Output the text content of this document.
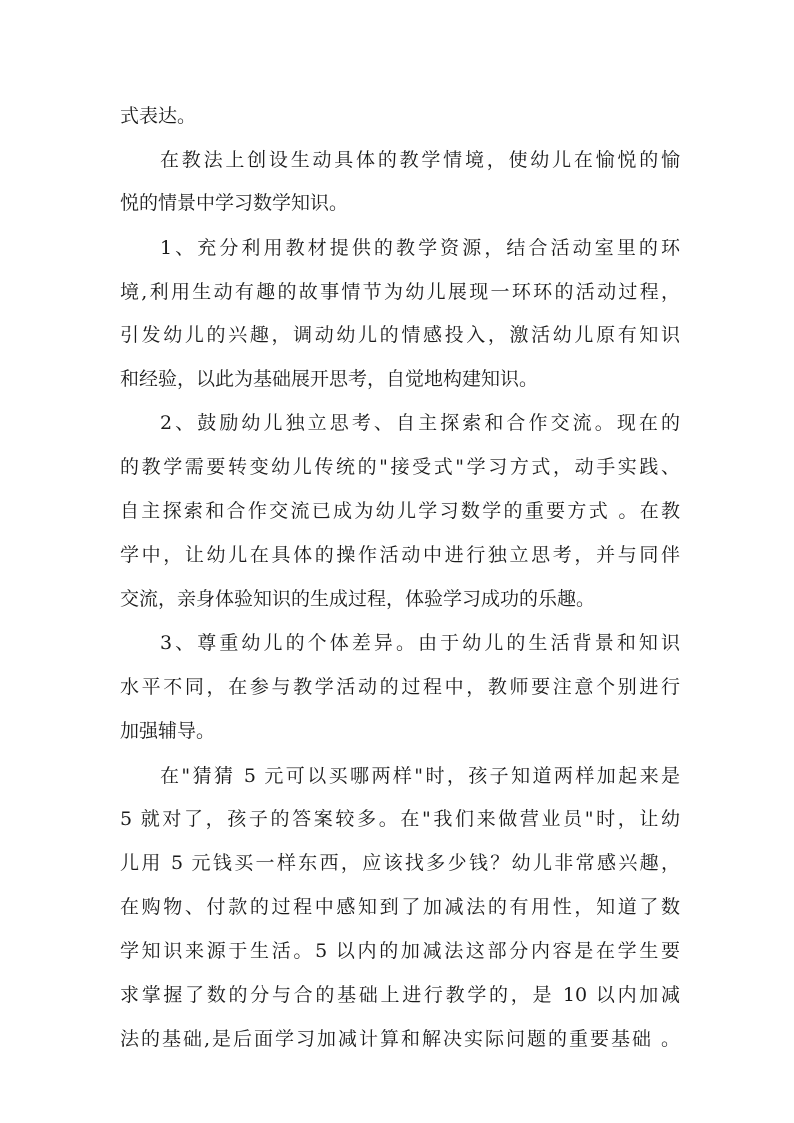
式表达。
在教法上创设生动具体的教学情境，使幼儿在愉悦的愉
悦的情景中学习数学知识。
1、充分利用教材提供的教学资源，结合活动室里的环
境,利用生动有趣的故事情节为幼儿展现一环环的活动过程，
引发幼儿的兴趣，调动幼儿的情感投入，激活幼儿原有知识
和经验，以此为基础展开思考，自觉地构建知识。
2、鼓励幼儿独立思考、自主探索和合作交流。现在的
的教学需要转变幼儿传统的"接受式"学习方式，动手实践、
自主探索和合作交流已成为幼儿学习数学的重要方式 。在教
学中，让幼儿在具体的操作活动中进行独立思考，并与同伴
交流，亲身体验知识的生成过程，体验学习成功的乐趣。
3、尊重幼儿的个体差异。由于幼儿的生活背景和知识
水平不同，在参与教学活动的过程中，教师要注意个别进行
加强辅导。
在"猜猜 5 元可以买哪两样"时，孩子知道两样加起来是
5 就对了，孩子的答案较多。在"我们来做营业员"时，让幼
儿用 5 元钱买一样东西，应该找多少钱？幼儿非常感兴趣，
在购物、付款的过程中感知到了加减法的有用性，知道了数
学知识来源于生活。5 以内的加减法这部分内容是在学生要
求掌握了数的分与合的基础上进行教学的，是 10 以内加减
法的基础,是后面学习加减计算和解决实际问题的重要基础 。
